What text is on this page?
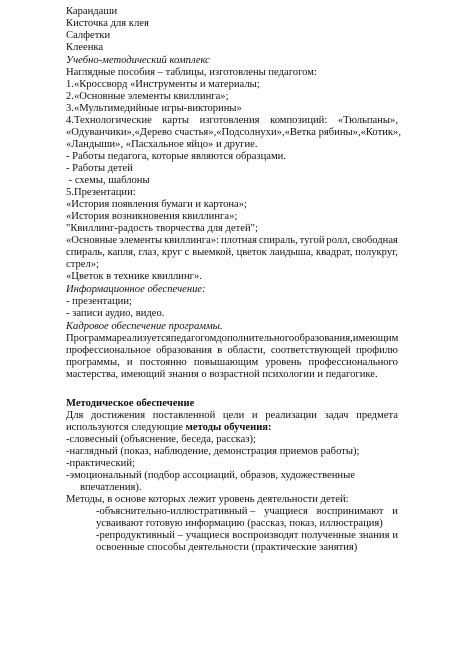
Карандаши
Кисточка для клея
Салфетки
Клеенка
Учебно-методический комплекс
Наглядные пособия – таблицы, изготовлены педагогом:
1.«Кроссворд «Инструменты и материалы;
2.«Основные элементы квиллинга»;
3.«Мультимедийные игры-викторины»
4.Технологические карты изготовления композиций: «Тюльпаны»,
«Одуванчики», «Дерево счастья», «Подсолнухи», «Ветка рябины», «Котик»,
«Ландыши», «Пасхальное яйцо» и другие.
- Работы педагога, которые являются образцами.
- Работы детей
- схемы, шаблоны
5.Презентации:
«История появления бумаги и картона»;
«История возникновения квиллинга»;
"Квиллинг-радость творчества для детей";
«Основные элементы квиллинга»: плотная спираль, тугой ролл, свободная
спираль, капля, глаз, круг с выемкой, цветок ландыша, квадрат, полукруг,
стрел»;
«Цветок в технике квиллинг».
Информационное обеспечение:
- презентации;
- записи аудио, видео.
Кадровое обеспечение программы.
Программа реализуется педагогом дополнительного образования, имеющим
профессиональное образования в области, соответствующей профилю
программы, и постоянно повышающим уровень профессионального
мастерства, имеющий знания о возрастной психологии и педагогике.
Методическое обеспечение
Для достижения поставленной цели и реализации задач предмета
используются следующие методы обучения:
-словесный (объяснение, беседа, рассказ);
-наглядный (показ, наблюдение, демонстрация приемов работы);
-практический;
-эмоциональный (подбор ассоциаций, образов, художественные
впечатления).
Методы, в основе которых лежит уровень деятельности детей:
-объяснительно-иллюстративный – учащиеся воспринимают и
усваивают готовую информацию (рассказ, показ, иллюстрация)
-репродуктивный – учащиеся воспроизводят полученные знания и
освоенные способы деятельности (практические занятия)
